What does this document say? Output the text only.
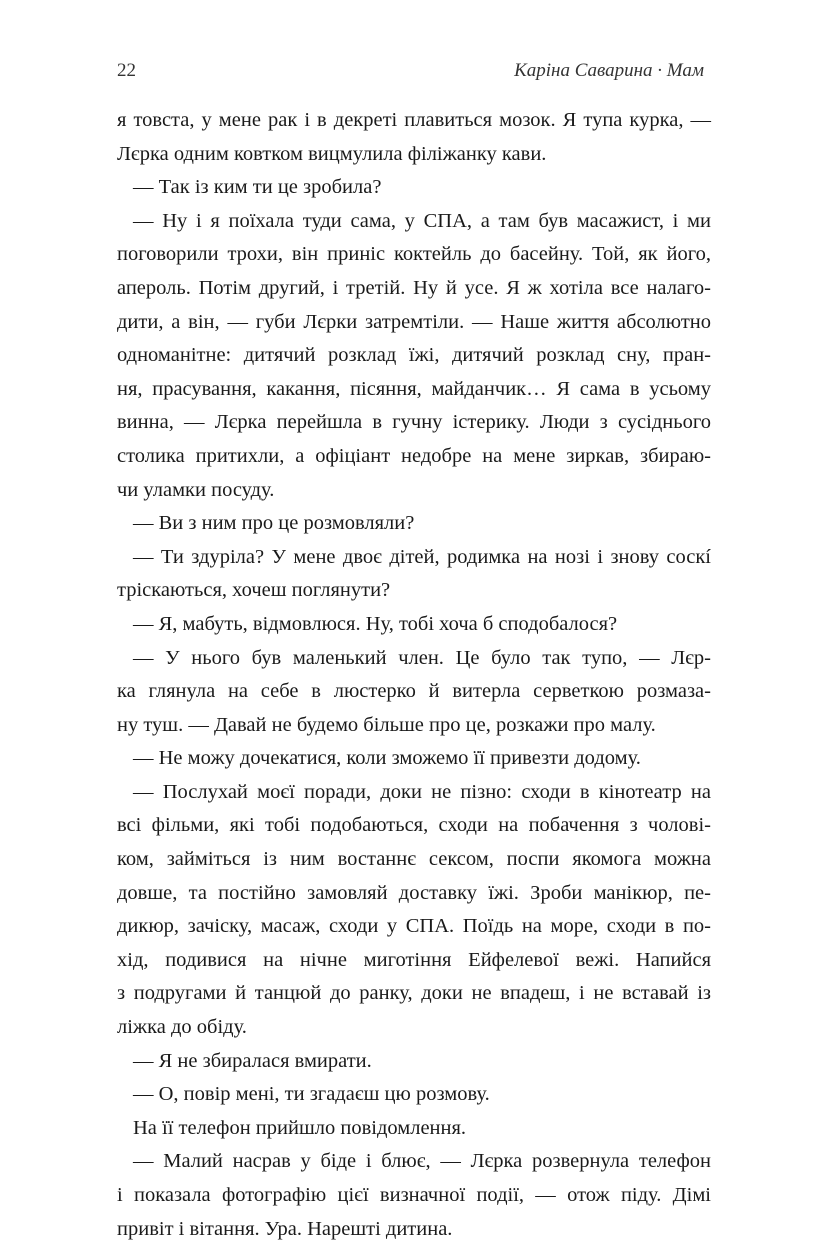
22	Каріна Саварина · Мам
я товста, у мене рак і в декреті плавиться мозок. Я тупа курка, —
Лєрка одним ковтком вицмулила філіжанку кави.
— Так із ким ти це зробила?
— Ну і я поїхала туди сама, у СПА, а там був масажист, і ми
поговорили трохи, він приніс коктейль до басейну. Той, як його,
апероль. Потім другий, і третій. Ну й усе. Я ж хотіла все налаго-
дити, а він, — губи Лєрки затремтіли. — Наше життя абсолютно
одноманітне: дитячий розклад їжі, дитячий розклад сну, пран-
ня, прасування, какання, пісяння, майданчик… Я сама в усьому
винна, — Лєрка перейшла в гучну істерику. Люди з сусіднього
столика притихли, а офіціант недобре на мене зиркав, збираю-
чи уламки посуду.
— Ви з ним про це розмовляли?
— Ти здуріла? У мене двоє дітей, родимка на нозі і знову соскí
тріскаються, хочеш поглянути?
— Я, мабуть, відмовлюся. Ну, тобі хоча б сподобалося?
— У нього був маленький член. Це було так тупо, — Лєр-
ка глянула на себе в люстерко й витерла серветкою розмаза-
ну туш. — Давай не будемо більше про це, розкажи про малу.
— Не можу дочекатися, коли зможемо її привезти додому.
— Послухай моєї поради, доки не пізно: сходи в кінотеатр на
всі фільми, які тобі подобаються, сходи на побачення з чолові-
ком, займіться із ним востаннє сексом, поспи якомога можна
довше, та постійно замовляй доставку їжі. Зроби манікюр, пе-
дикюр, зачіску, масаж, сходи у СПА. Поїдь на море, сходи в по-
хід, подивися на нічне миготіння Ейфелевої вежі. Напийся
з подругами й танцюй до ранку, доки не впадеш, і не вставай із
ліжка до обіду.
— Я не збиралася вмирати.
— О, повір мені, ти згадаєш цю розмову.
На її телефон прийшло повідомлення.
— Малий насрав у біде і блює, — Лєрка розвернула телефон
і показала фотографію цієї визначної події, — отож піду. Дімі
привіт і вітання. Ура. Нарешті дитина.
